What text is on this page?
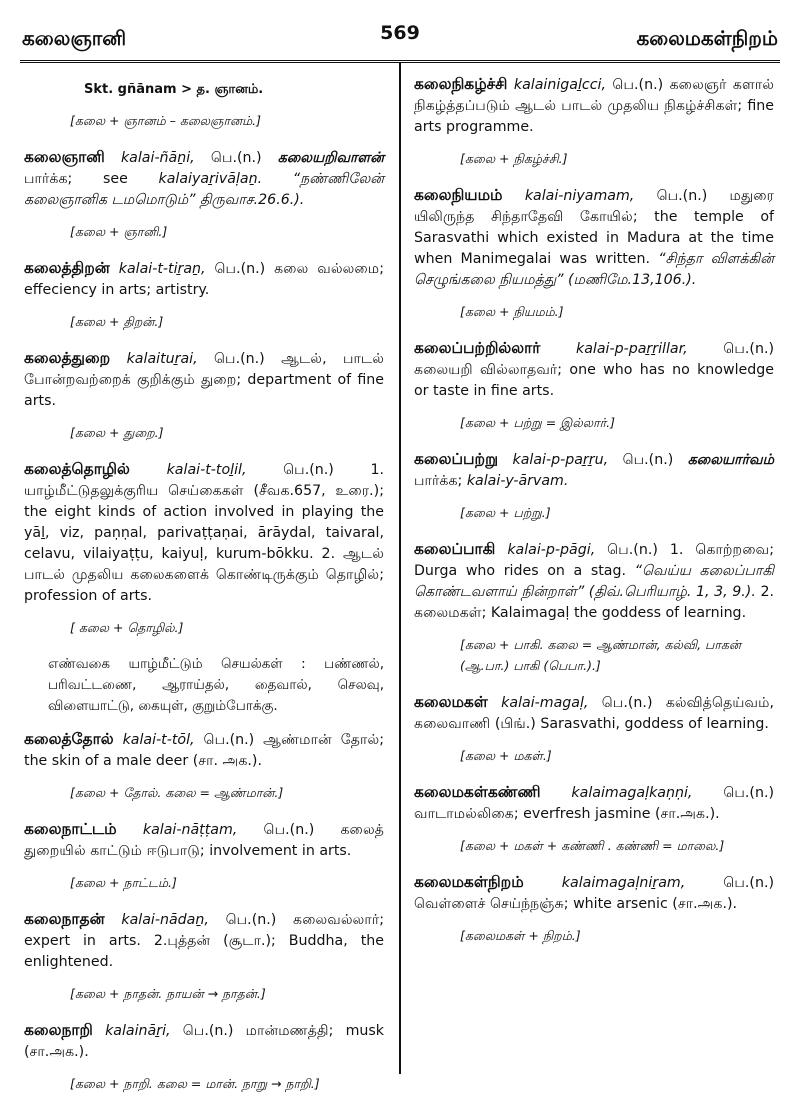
கலைஞானி	569	கலைமகள்நிறம்
Skt. gñānam > த. ஞானம்.
[கலை + ஞானம் – கலைஞானம்.]
கலைஞானி kalai-ñāṉi, பெ.(n.) கலையறிவாளன் பார்க்க; see kalaiyaṟivāḷaṉ. “நண்ணிலேன் கலைஞானிக டமமொடும்” திருவாச.26.6.).
[கலை + ஞானி.]
கலைத்திறன் kalai-t-tiṟaṉ, பெ.(n.) கலை வல்லமை; effeciency in arts; artistry.
[கலை + திறன்.]
கலைத்துறை kalaituṟai, பெ.(n.) ஆடல், பாடல் போன்றவற்றைக் குறிக்கும் துறை; department of fine arts.
[கலை + துறை.]
கலைத்தொழில்	kalai-t-toḻil, பெ.(n.) 1. யாழ்மீட்டுதலுக்குரிய செய்கைகள் (சீவக.657, உரை.); the eight kinds of action involved in playing the yāḻ, viz, paṇṇal, parivaṭṭaṇai, ārāydal, taivaral, celavu, vilaiyaṭṭu, kaiyuḷ, kurum-bōkku. 2. ஆடல் பாடல் முதலிய கலைகளைக் கொண்டிருக்கும் தொழில்; profession of arts.
[ கலை + தொழில்.]
எண்வகை யாழ்மீட்டும் செயல்கள் : பண்ணல், பரிவட்டணை, ஆராய்தல், தைவால், செலவு, விளையாட்டு, கையுள், குறும்போக்கு.
கலைத்தோல் kalai-t-tōl, பெ.(n.) ஆண்மான் தோல்; the skin of a male deer (சா. அக.).
[கலை + தோல். கலை = ஆண்மான்.]
கலைநாட்டம் kalai-nāṭṭam, பெ.(n.) கலைத் துறையில் காட்டும் ஈடுபாடு; involvement in arts.
[கலை + நாட்டம்.]
கலைநாதன் kalai-nādaṉ, பெ.(n.) கலைவல்லார்; expert in arts. 2.புத்தன் (சூடா.); Buddha, the enlightened.
[கலை + நாதன். நாயன் → நாதன்.]
கலைநாறி kalaināṟi, பெ.(n.) மான்மணத்தி; musk (சா.அக.).
[கலை + நாறி. கலை = மான். நாறு → நாறி.]
கலைநிகழ்ச்சி kalainigaḻcci, பெ.(n.) கலைஞர் களால் நிகழ்த்தப்படும் ஆடல் பாடல் முதலிய நிகழ்ச்சிகள்; fine arts programme.
[கலை + நிகழ்ச்சி.]
கலைநியமம் kalai-niyamam, பெ.(n.) மதுரை யிலிருந்த சிந்தாதேவி கோயில்; the temple of Sarasvathi which existed in Madura at the time when Manimegalai was written. “சிந்தா விளக்கின் செழுங்கலை நியமத்து” (மணிமே.13,106.).
[கலை + நியமம்.]
கலைப்பற்றில்லார்	kalai-p-paṟṟillar, பெ.(n.) கலையறி வில்லாதவர்; one who has no knowledge or taste in fine arts.
[கலை + பற்று = இல்லார்.]
கலைப்பற்று kalai-p-paṟṟu, பெ.(n.) கலையார்வம் பார்க்க; kalai-y-ārvam.
[கலை + பற்று.]
கலைப்பாகி kalai-p-pāgi, பெ.(n.) 1. கொற்றவை; Durga who rides on a stag. “வெய்ய கலைப்பாகி கொண்டவளாய் நின்றாள்” (திவ்.பெரியாழ். 1, 3, 9.). 2. கலைமகள்; Kalaimagaḷ the goddess of learning.
[கலை + பாகி. கலை = ஆண்மான், கல்வி, பாகன் (ஆ.பா.) பாகி (பெபா.).]
கலைமகள் kalai-magaḷ, பெ.(n.) கல்வித்தெய்வம், கலைவாணி (பிங்.) Sarasvathi, goddess of learning.
[கலை + மகள்.]
கலைமகள்கண்ணி kalaimagaḷkaṇṇi, பெ.(n.) வாடாமல்லிகை; everfresh jasmine (சா.அக.).
[கலை + மகள் + கண்ணி . கண்ணி = மாலை.]
கலைமகள்நிறம்	kalaimagaḷniṟam, பெ.(n.) வெள்ளைச் செய்ந்நஞ்சு; white arsenic (சா.அக.).
[கலைமகள் + நிறம்.]
